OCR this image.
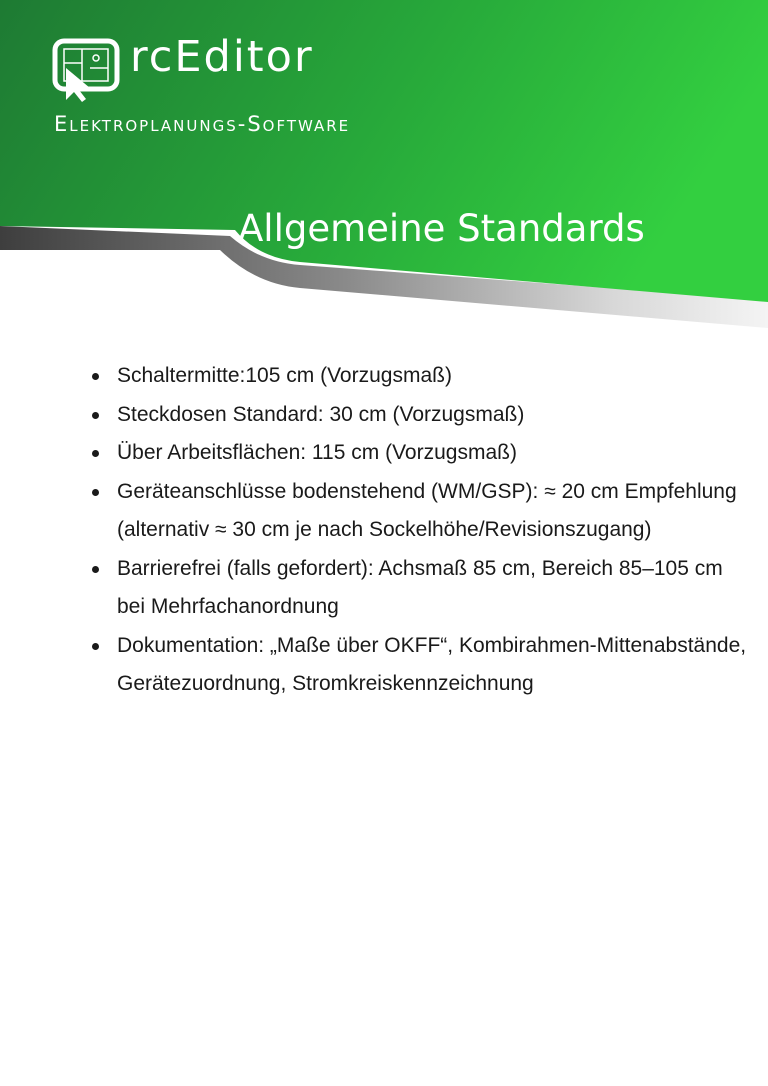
rcEditor
Elektroplanungs-Software
Allgemeine Standards
Schaltermitte:105 cm (Vorzugsmaß)
Steckdosen Standard: 30 cm (Vorzugsmaß)
Über Arbeitsflächen: 115 cm (Vorzugsmaß)
Geräteanschlüsse bodenstehend (WM/GSP): ≈ 20 cm Empfehlung (alternativ ≈ 30 cm je nach Sockelhöhe/Revisionszugang)
Barrierefrei (falls gefordert): Achsmaß 85 cm, Bereich 85–105 cm bei Mehrfachanordnung
Dokumentation: „Maße über OKFF“, Kombirahmen-Mittenabstände, Gerätezuordnung, Stromkreiskennzeichnung
